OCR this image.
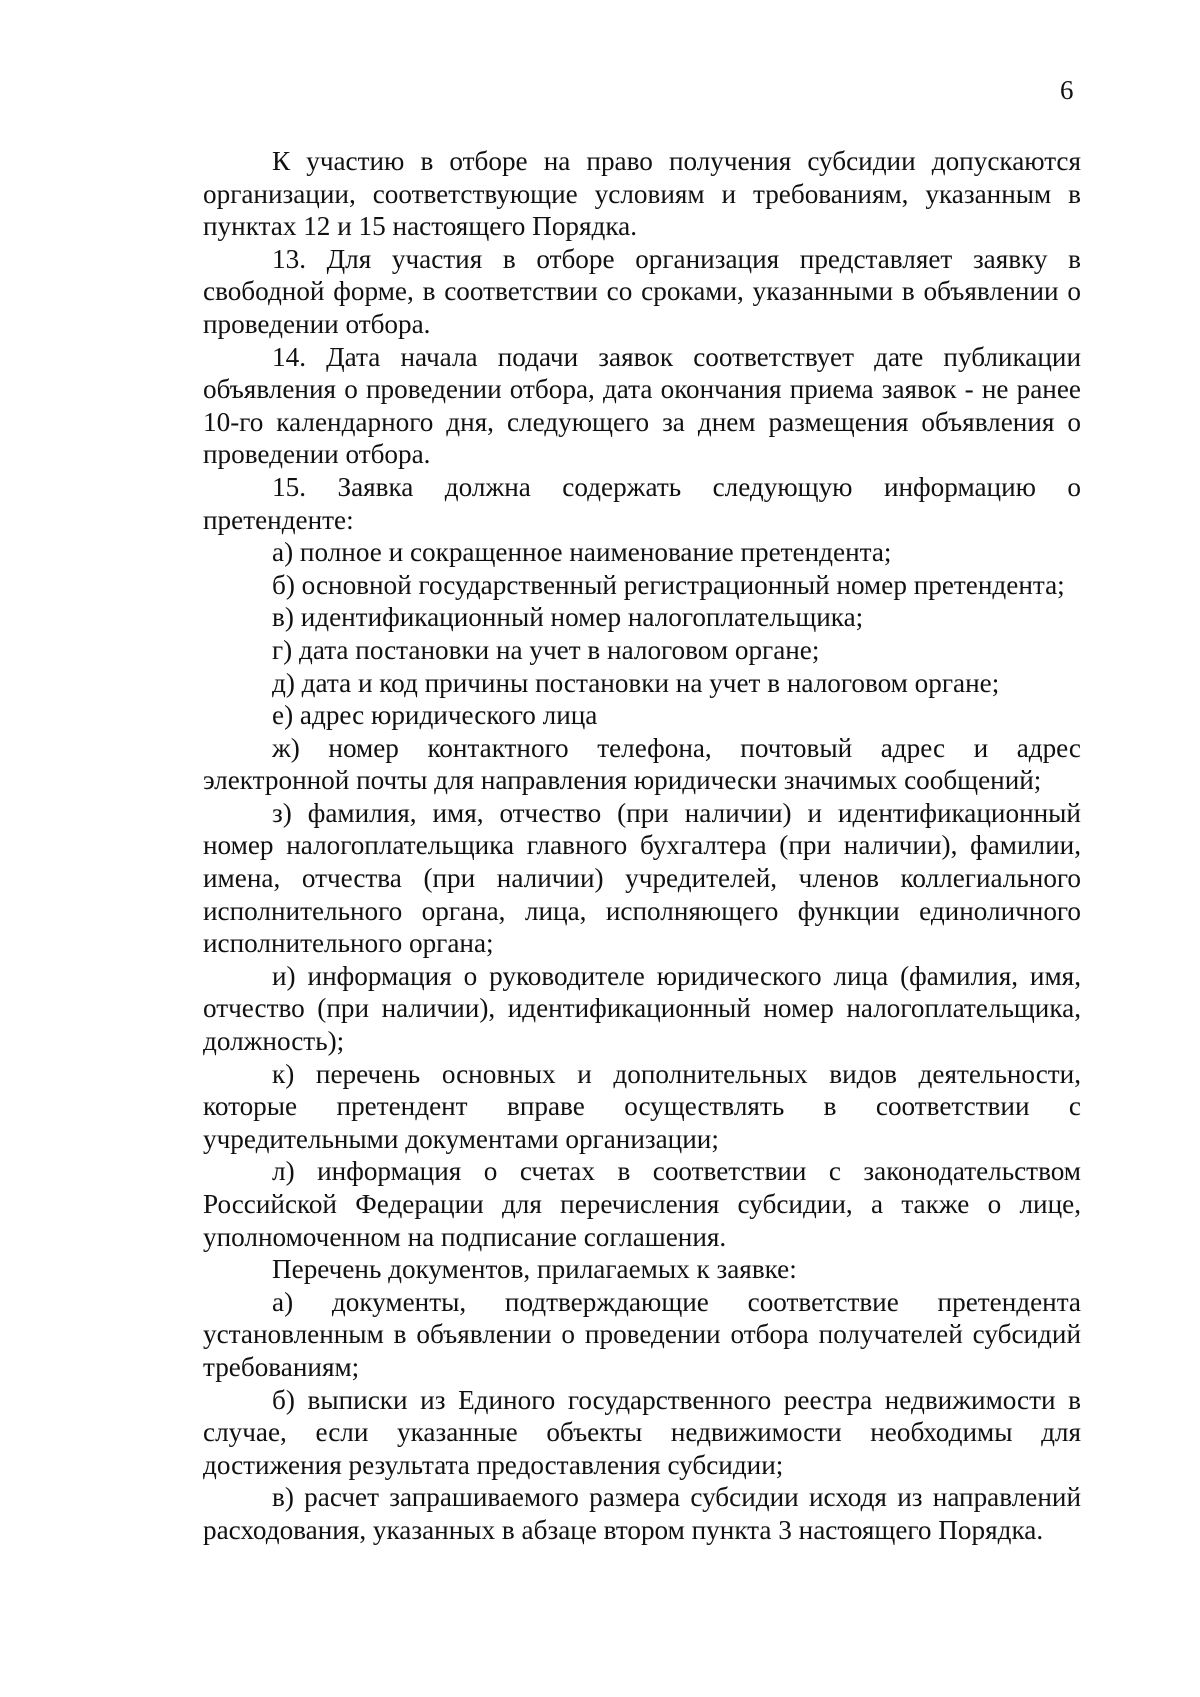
6

К участию в отборе на право получения субсидии допускаются организации, соответствующие условиям и требованиям, указанным в пунктах 12 и 15 настоящего Порядка.

13. Для участия в отборе организация представляет заявку в свободной форме, в соответствии со сроками, указанными в объявлении о проведении отбора.

14. Дата начала подачи заявок соответствует дате публикации объявления о проведении отбора, дата окончания приема заявок - не ранее 10-го календарного дня, следующего за днем размещения объявления о проведении отбора.

15. Заявка должна содержать следующую информацию о претенденте:

а) полное и сокращенное наименование претендента;

б) основной государственный регистрационный номер претендента;

в) идентификационный номер налогоплательщика;

г) дата постановки на учет в налоговом органе;

д) дата и код причины постановки на учет в налоговом органе;

е) адрес юридического лица

ж) номер контактного телефона, почтовый адрес и адрес электронной почты для направления юридически значимых сообщений;

з) фамилия, имя, отчество (при наличии) и идентификационный номер налогоплательщика главного бухгалтера (при наличии), фамилии, имена, отчества (при наличии) учредителей, членов коллегиального исполнительного органа, лица, исполняющего функции единоличного исполнительного органа;

и) информация о руководителе юридического лица (фамилия, имя, отчество (при наличии), идентификационный номер налогоплательщика, должность);

к) перечень основных и дополнительных видов деятельности, которые претендент вправе осуществлять в соответствии с учредительными документами организации;

л) информация о счетах в соответствии с законодательством Российской Федерации для перечисления субсидии, а также о лице, уполномоченном на подписание соглашения.

Перечень документов, прилагаемых к заявке:

а) документы, подтверждающие соответствие претендента установленным в объявлении о проведении отбора получателей субсидий требованиям;

б) выписки из Единого государственного реестра недвижимости в случае, если указанные объекты недвижимости необходимы для достижения результата предоставления субсидии;

в) расчет запрашиваемого размера субсидии исходя из направлений расходования, указанных в абзаце втором пункта 3 настоящего Порядка.
